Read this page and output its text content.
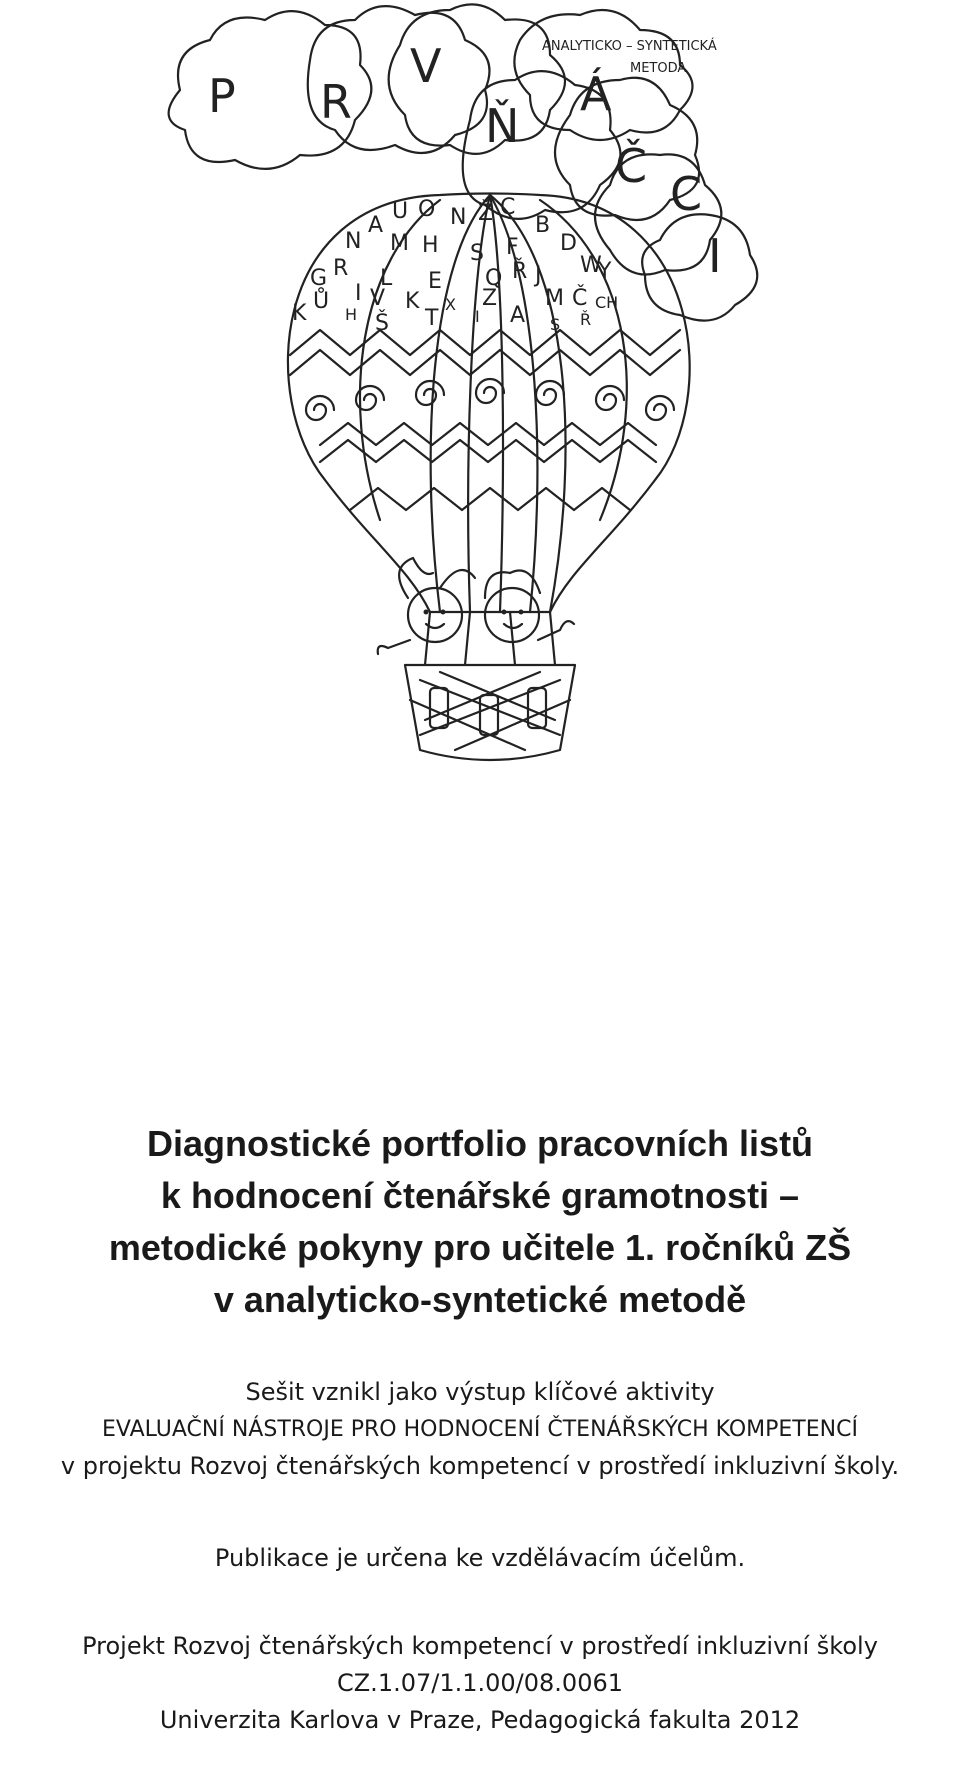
P R
V
Ň
Á
Č
C
I
ANALYTICKO – SYNTETICKÁ
METODA
N
A
U O N Ž C
B
G R
M H S F D
W
Y
K Ů I
L E Q Ř J
V	Č CH
H Š
K X
T
Z
I A
M
S Ř
Diagnostické portfolio pracovních listů
k hodnocení čtenářské gramotnosti –
metodické pokyny pro učitele 1. ročníků ZŠ
v analyticko-syntetické metodě
Sešit vznikl jako výstup klíčové aktivity
EVALUAČNÍ NÁSTROJE PRO HODNOCENÍ ČTENÁŘSKÝCH KOMPETENCÍ
v projektu Rozvoj čtenářských kompetencí v prostředí inkluzivní školy.
Publikace je určena ke vzdělávacím účelům.
Projekt Rozvoj čtenářských kompetencí v prostředí inkluzivní školy
CZ.1.07/1.1.00/08.0061
Univerzita Karlova v Praze, Pedagogická fakulta 2012
